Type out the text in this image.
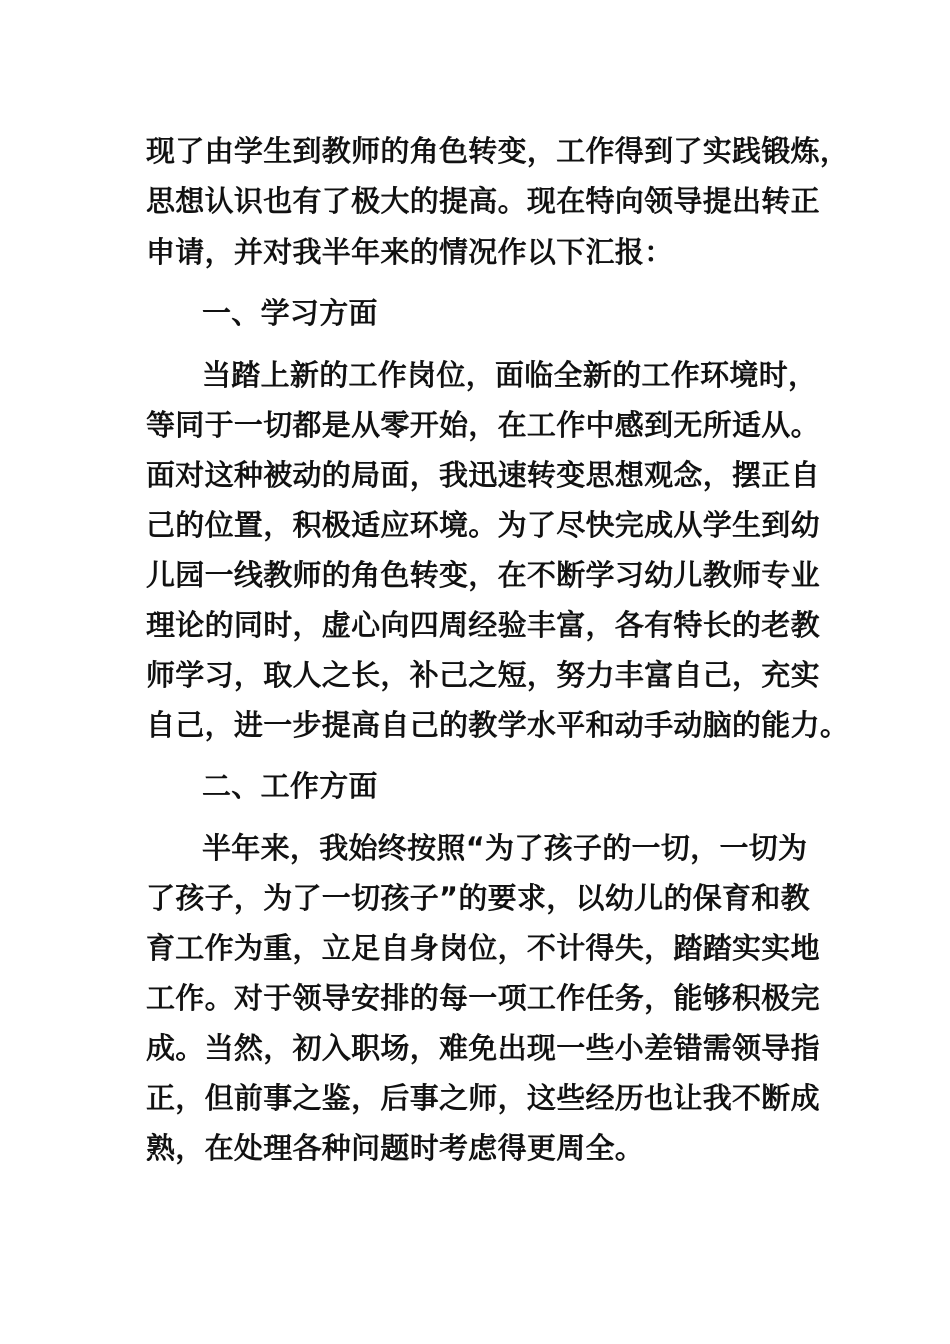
现了由学生到教师的角色转变，工作得到了实践锻炼，
思想认识也有了极大的提高。现在特向领导提出转正
申请，并对我半年来的情况作以下汇报：
一、学习方面
当踏上新的工作岗位，面临全新的工作环境时，
等同于一切都是从零开始，在工作中感到无所适从。
面对这种被动的局面，我迅速转变思想观念，摆正自
己的位置，积极适应环境。为了尽快完成从学生到幼
儿园一线教师的角色转变，在不断学习幼儿教师专业
理论的同时，虚心向四周经验丰富，各有特长的老教
师学习，取人之长，补己之短，努力丰富自己，充实
自己，进一步提高自己的教学水平和动手动脑的能力。
二、工作方面
半年来，我始终按照“为了孩子的一切，一切为
了孩子，为了一切孩子”的要求，以幼儿的保育和教
育工作为重，立足自身岗位，不计得失，踏踏实实地
工作。对于领导安排的每一项工作任务，能够积极完
成。当然，初入职场，难免出现一些小差错需领导指
正，但前事之鉴，后事之师，这些经历也让我不断成
熟，在处理各种问题时考虑得更周全。
